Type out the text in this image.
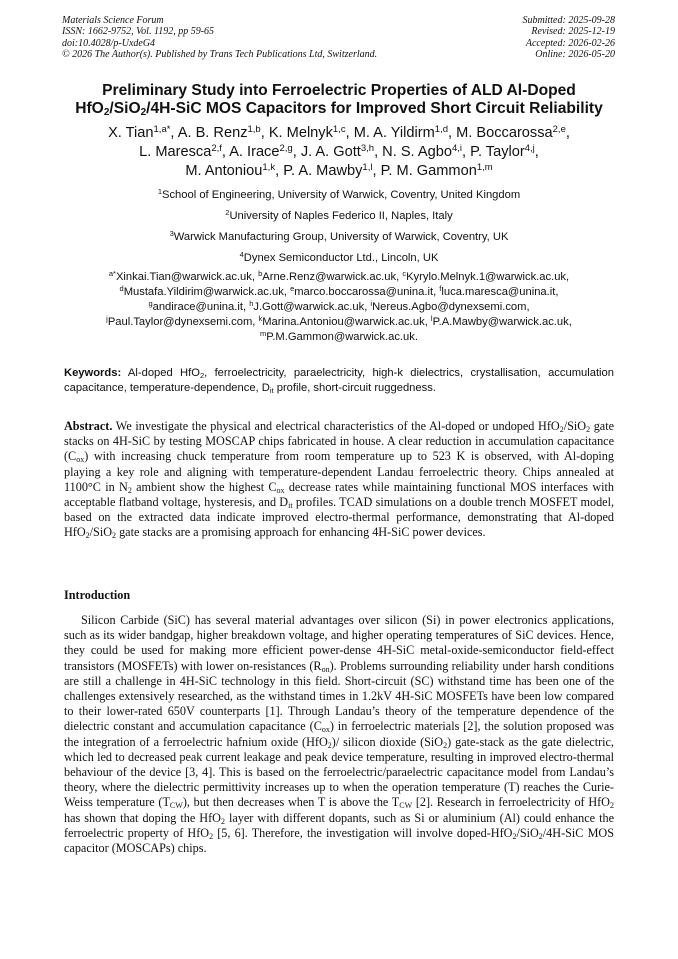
Materials Science Forum
ISSN: 1662-9752, Vol. 1192, pp 59-65
doi:10.4028/p-UxdeG4
© 2026 The Author(s). Published by Trans Tech Publications Ltd, Switzerland.
Submitted: 2025-09-28
Revised: 2025-12-19
Accepted: 2026-02-26
Online: 2026-05-20
Preliminary Study into Ferroelectric Properties of ALD Al-Doped
HfO$_2$/SiO$_2$/4H-SiC MOS Capacitors for Improved Short Circuit Reliability
X. Tian$^{1,a*}$, A. B. Renz$^{1,b}$, K. Melnyk$^{1,c}$, M. A. Yildirm$^{1,d}$, M. Boccarossa$^{2,e}$,
L. Maresca$^{2,f}$, A. Irace$^{2,g}$, J. A. Gott$^{3,h}$, N. S. Agbo$^{4,i}$, P. Taylor$^{4,j}$,
M. Antoniou$^{1,k}$, P. A. Mawby$^{1,l}$, P. M. Gammon$^{1,m}$
$^1$School of Engineering, University of Warwick, Coventry, United Kingdom
$^2$University of Naples Federico II, Naples, Italy
$^3$Warwick Manufacturing Group, University of Warwick, Coventry, UK
$^4$Dynex Semiconductor Ltd., Lincoln, UK
$^{a*}$Xinkai.Tian@warwick.ac.uk, $^b$Arne.Renz@warwick.ac.uk, $^c$Kyrylo.Melnyk.1@warwick.ac.uk,
$^d$Mustafa.Yildirim@warwick.ac.uk, $^e$marco.boccarossa@unina.it, $^f$luca.maresca@unina.it,
$^g$andirace@unina.it, $^h$J.Gott@warwick.ac.uk, $^i$Nereus.Agbo@dynexsemi.com,
$^j$Paul.Taylor@dynexsemi.com, $^k$Marina.Antoniou@warwick.ac.uk, $^l$P.A.Mawby@warwick.ac.uk,
$^m$P.M.Gammon@warwick.ac.uk.
Keywords: Al-doped HfO$_2$, ferroelectricity, paraelectricity, high-k dielectrics, crystallisation, accumulation capacitance, temperature-dependence, $D_{it}$ profile, short-circuit ruggedness.
Abstract. We investigate the physical and electrical characteristics of the Al-doped or undoped HfO$_2$/SiO$_2$ gate stacks on 4H-SiC by testing MOSCAP chips fabricated in house. A clear reduction in accumulation capacitance $(C_{ox})$ with increasing chuck temperature from room temperature up to 523 K is observed, with Al-doping playing a key role and aligning with temperature-dependent Landau ferroelectric theory. Chips annealed at 1100°C in $N_2$ ambient show the highest $C_{ox}$ decrease rates while maintaining functional MOS interfaces with acceptable flatband voltage, hysteresis, and $D_{it}$ profiles. TCAD simulations on a double trench MOSFET model, based on the extracted data indicate improved electro-thermal performance, demonstrating that Al-doped HfO$_2$/SiO$_2$ gate stacks are a promising approach for enhancing 4H-SiC power devices.
Introduction

Silicon Carbide (SiC) has several material advantages over silicon (Si) in power electronics applications, such as its wider bandgap, higher breakdown voltage, and higher operating temperatures of SiC devices. Hence, they could be used for making more efficient power-dense 4H-SiC metal-oxide-semiconductor field-effect transistors (MOSFETs) with lower on-resistances $(R_{on})$. Problems surrounding reliability under harsh conditions are still a challenge in 4H-SiC technology in this field. Short-circuit (SC) withstand time has been one of the challenges extensively researched, as the withstand times in 1.2kV 4H-SiC MOSFETs have been low compared to their lower-rated 650V counterparts [1]. Through Landau’s theory of the temperature dependence of the dielectric constant and accumulation capacitance $(C_{ox})$ in ferroelectric materials [2], the solution proposed was the integration of a ferroelectric hafnium oxide (HfO$_2$)/ silicon dioxide (SiO$_2$) gate-stack as the gate dielectric, which led to decreased peak current leakage and peak device temperature, resulting in improved electro-thermal behaviour of the device [3, 4]. This is based on the ferroelectric/paraelectric capacitance model from Landau’s theory, where the dielectric permittivity increases up to when the operation temperature (T) reaches the Curie-Weiss temperature $(T_{CW})$, but then decreases when T is above the $T_{CW}$ [2]. Research in ferroelectricity of HfO$_2$ has shown that doping the HfO$_2$ layer with different dopants, such as Si or aluminium (Al) could enhance the ferroelectric property of HfO$_2$ [5, 6]. Therefore, the investigation will involve doped-HfO$_2$/SiO$_2$/4H-SiC MOS capacitor (MOSCAPs) chips.
